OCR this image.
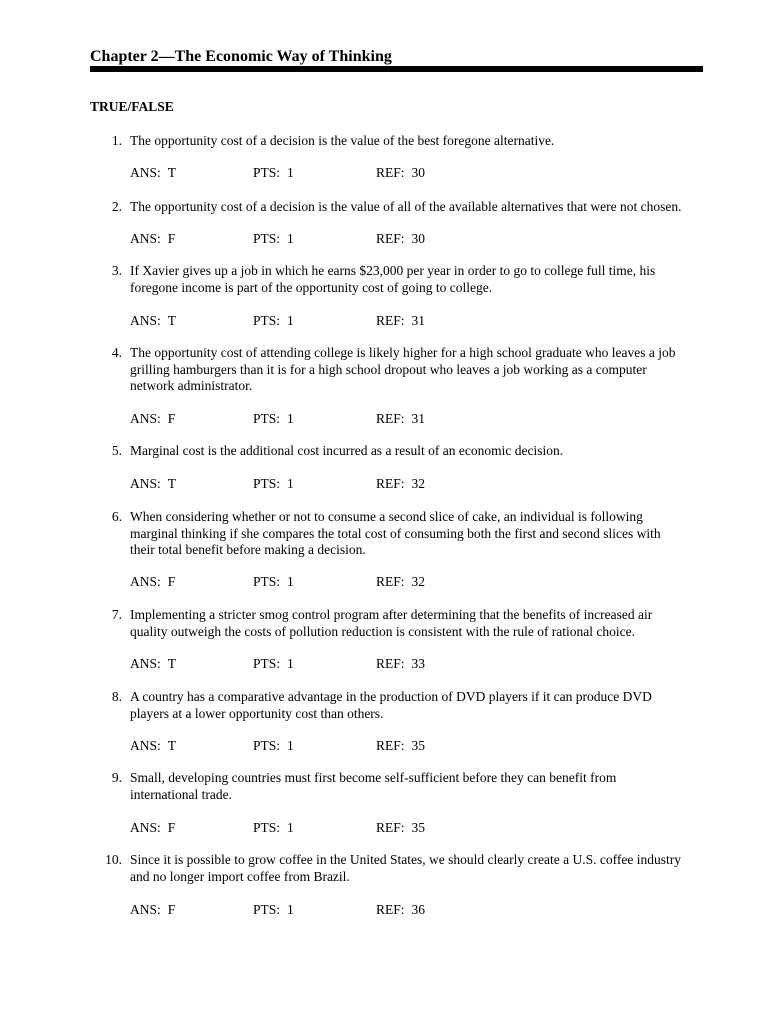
Chapter 2—The Economic Way of Thinking
TRUE/FALSE
1. The opportunity cost of a decision is the value of the best foregone alternative.
ANS: T	PTS: 1	REF: 30
2. The opportunity cost of a decision is the value of all of the available alternatives that were not chosen.
ANS: F	PTS: 1	REF: 30
3. If Xavier gives up a job in which he earns $23,000 per year in order to go to college full time, his
foregone income is part of the opportunity cost of going to college.
ANS: T	PTS: 1	REF: 31
4. The opportunity cost of attending college is likely higher for a high school graduate who leaves a job
grilling hamburgers than it is for a high school dropout who leaves a job working as a computer
network administrator.
ANS: F	PTS: 1	REF: 31
5. Marginal cost is the additional cost incurred as a result of an economic decision.
ANS: T	PTS: 1	REF: 32
6. When considering whether or not to consume a second slice of cake, an individual is following
marginal thinking if she compares the total cost of consuming both the first and second slices with
their total benefit before making a decision.
ANS: F	PTS: 1	REF: 32
7. Implementing a stricter smog control program after determining that the benefits of increased air
quality outweigh the costs of pollution reduction is consistent with the rule of rational choice.
ANS: T	PTS: 1	REF: 33
8. A country has a comparative advantage in the production of DVD players if it can produce DVD
players at a lower opportunity cost than others.
ANS: T	PTS: 1	REF: 35
9. Small, developing countries must first become self-sufficient before they can benefit from
international trade.
ANS: F	PTS: 1	REF: 35
10. Since it is possible to grow coffee in the United States, we should clearly create a U.S. coffee industry
and no longer import coffee from Brazil.
ANS: F	PTS: 1	REF: 36
